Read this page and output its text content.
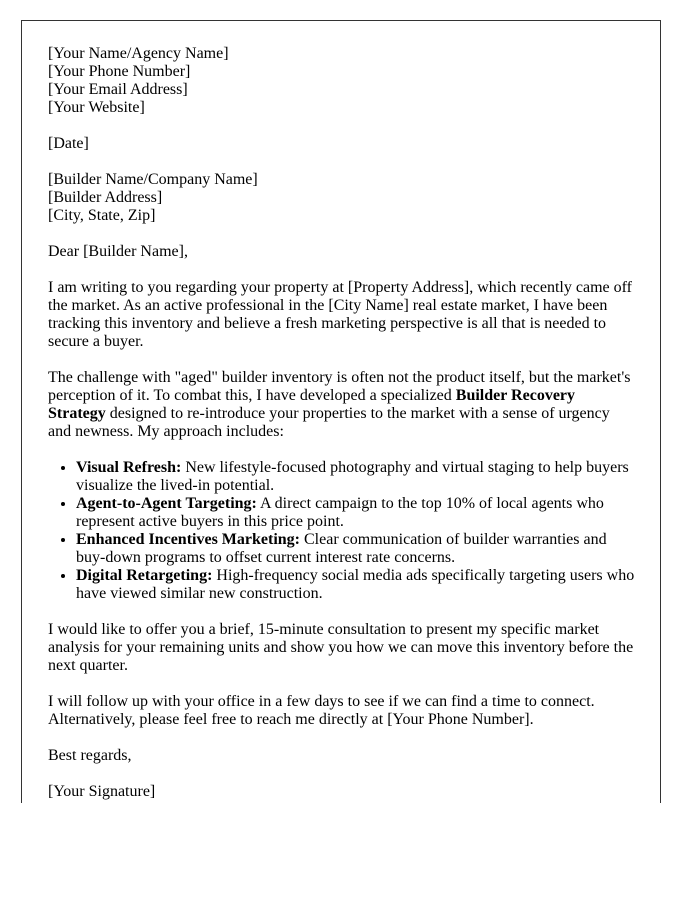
[Your Name/Agency Name]
[Your Phone Number]
[Your Email Address]
[Your Website]

[Date]

[Builder Name/Company Name]
[Builder Address]
[City, State, Zip]

Dear [Builder Name],

I am writing to you regarding your property at [Property Address], which recently came off the market. As an active professional in the [City Name] real estate market, I have been tracking this inventory and believe a fresh marketing perspective is all that is needed to secure a buyer.

The challenge with "aged" builder inventory is often not the product itself, but the market's perception of it. To combat this, I have developed a specialized Builder Recovery Strategy designed to re-introduce your properties to the market with a sense of urgency and newness. My approach includes:

• Visual Refresh: New lifestyle-focused photography and virtual staging to help buyers visualize the lived-in potential.
• Agent-to-Agent Targeting: A direct campaign to the top 10% of local agents who represent active buyers in this price point.
• Enhanced Incentives Marketing: Clear communication of builder warranties and buy-down programs to offset current interest rate concerns.
• Digital Retargeting: High-frequency social media ads specifically targeting users who have viewed similar new construction.

I would like to offer you a brief, 15-minute consultation to present my specific market analysis for your remaining units and show you how we can move this inventory before the next quarter.

I will follow up with your office in a few days to see if we can find a time to connect. Alternatively, please feel free to reach me directly at [Your Phone Number].

Best regards,

[Your Signature]
